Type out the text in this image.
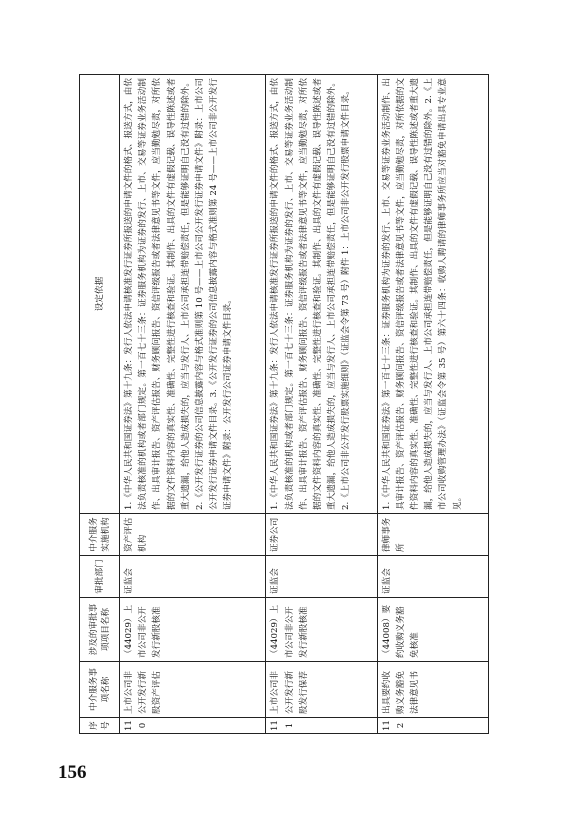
156
序号	中介服务事项名称	涉及的审批事项项目名称	审批部门	中介服务实施机构	设定依据
110	上市公司非公开发行新股资产评估	（44029）上市公司非公开发行新股核准	证监会	资产评估机构	1.《中华人民共和国证券法》第十九条：发行人依法申请核准发行证券所报送的申请文件的格式、报送方式，由依法负责核准的机构或者部门规定。第一百七十三条：证券服务机构为证券的发行、上市、交易等证券业务活动制作、出具审计报告、资产评估报告、财务顾问报告、资信评级报告或者法律意见书等文件，应当勤勉尽责，对所依据的文件资料内容的真实性、准确性、完整性进行核查和验证。其制作、出具的文件有虚假记载、误导性陈述或者重大遗漏，给他人造成损失的，应当与发行人、上市公司承担连带赔偿责任，但是能够证明自己没有过错的除外。2.《公开发行证券的公司信息披露内容与格式准则第 10 号——上市公司公开发行证券申请文件》附录：上市公司公开发行证券申请文件目录。3.《公开发行证券的公司信息披露内容与格式准则第 24 号——上市公司非公开发行证券申请文件》附录：公开发行公司证券申请文件目录。
111	上市公司非公开发行新股发行保荐	（44029）上市公司非公开发行新股核准	证监会	证券公司	1.《中华人民共和国证券法》第十九条：发行人依法申请核准发行证券所报送的申请文件的格式、报送方式，由依法负责核准的机构或者部门规定。第一百七十三条：证券服务机构为证券的发行、上市、交易等证券业务活动制作、出具审计报告、资产评估报告、财务顾问报告、资信评级报告或者法律意见书等文件，应当勤勉尽责，对所依据的文件资料内容的真实性、准确性、完整性进行核查和验证。其制作、出具的文件有虚假记载、误导性陈述或者重大遗漏，给他人造成损失的，应当与发行人、上市公司承担连带赔偿责任，但是能够证明自己没有过错的除外。2.《上市公司非公开发行股票实施细则》（证监会令第 73 号）附件 1：上市公司非公开发行股票申请文件目录。
112	出具要约收购义务豁免法律意见书	（44008）要约收购义务豁免核准	证监会	律师事务所	1.《中华人民共和国证券法》第一百七十三条：证券服务机构为证券的发行、上市、交易等证券业务活动制作、出具审计报告、资产评估报告、财务顾问报告、资信评级报告或者法律意见书等文件，应当勤勉尽责，对所依据的文件资料内容的真实性、准确性、完整性进行核查和验证。其制作、出具的文件有虚假记载、误导性陈述或者重大遗漏，给他人造成损失的，应当与发行人、上市公司承担连带赔偿责任，但是能够证明自己没有过错的除外。2.《上市公司收购管理办法》（证监会令第 35 号）第六十四条：收购人聘请的律师事务所应当对豁免申请出具专业意见。
